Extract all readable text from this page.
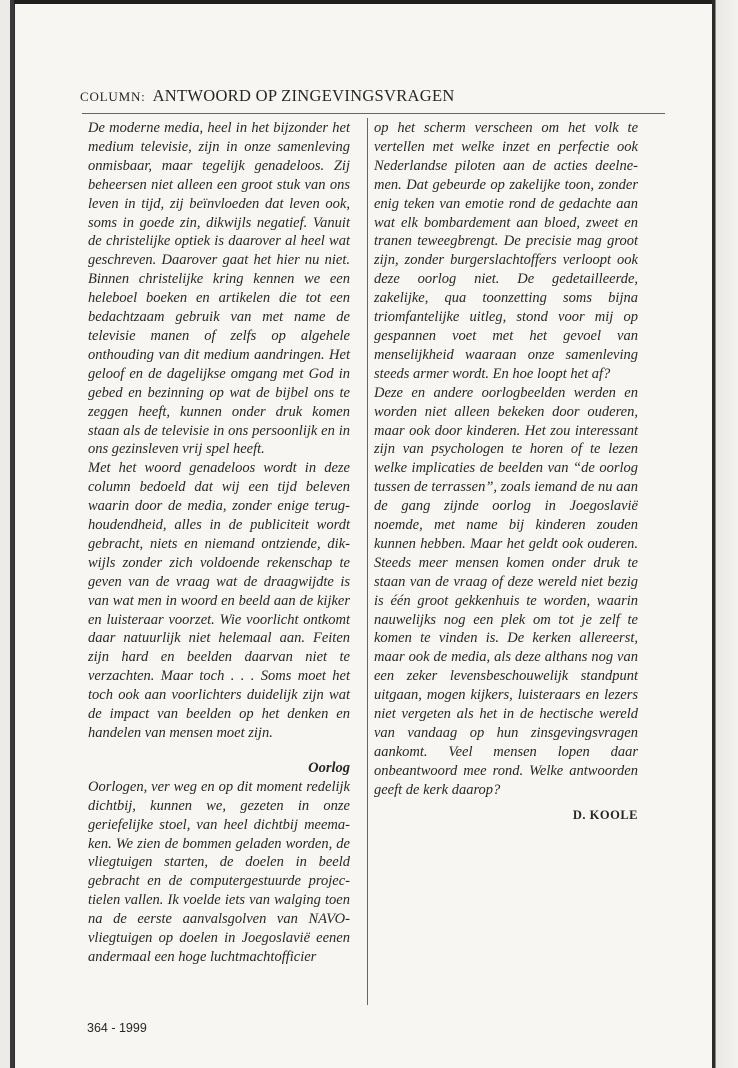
COLUMN: ANTWOORD OP ZINGEVINGSVRAGEN

De moderne media, heel in het bijzonder het medium televisie, zijn in onze samenleving onmisbaar, maar tegelijk genadeloos. Zij beheersen niet alleen een groot stuk van ons leven in tijd, zij beïnvloeden dat leven ook, soms in goede zin, dikwijls negatief. Vanuit de christelijke optiek is daarover al heel wat geschreven. Daarover gaat het hier nu niet. Binnen christelijke kring kennen we een heleboel boeken en artikelen die tot een bedachtzaam gebruik van met name de televisie manen of zelfs op algehele onthouding van dit medium aandringen. Het geloof en de dagelijkse omgang met God in gebed en bezinning op wat de bijbel ons te zeggen heeft, kunnen onder druk komen staan als de televisie in ons persoonlijk en in ons gezinsleven vrij spel heeft.

Met het woord genadeloos wordt in deze column bedoeld dat wij een tijd beleven waarin door de media, zonder enige terughoudendheid, alles in de publiciteit wordt gebracht, niets en niemand ontziende, dikwijls zonder zich voldoende rekenschap te geven van de vraag wat de draagwijdte is van wat men in woord en beeld aan de kijker en luisteraar voorzet. Wie voorlicht ontkomt daar natuurlijk niet helemaal aan. Feiten zijn hard en beelden daarvan niet te verzachten. Maar toch . . . Soms moet het toch ook aan voorlichters duidelijk zijn wat de impact van beelden op het denken en handelen van mensen moet zijn.

Oorlog

Oorlogen, ver weg en op dit moment redelijk dichtbij, kunnen we, gezeten in onze geriefelijke stoel, van heel dichtbij meemaken. We zien de bommen geladen worden, de vliegtuigen starten, de doelen in beeld gebracht en de computergestuurde projectielen vallen. Ik voelde iets van walging toen na de eerste aanvalsgolven van NAVO-vliegtuigen op doelen in Joegoslavië eenen andermaal een hoge luchtmachtofficier

op het scherm verscheen om het volk te vertellen met welke inzet en perfectie ook Nederlandse piloten aan de acties deelnemen. Dat gebeurde op zakelijke toon, zonder enig teken van emotie rond de gedachte aan wat elk bombardement aan bloed, zweet en tranen teweegbrengt. De precisie mag groot zijn, zonder burgerslachtoffers verloopt ook deze oorlog niet. De gedetailleerde, zakelijke, qua toonzetting soms bijna triomfantelijke uitleg, stond voor mij op gespannen voet met het gevoel van menselijkheid waaraan onze samenleving steeds armer wordt. En hoe loopt het af?

Deze en andere oorlogbeelden werden en worden niet alleen bekeken door ouderen, maar ook door kinderen. Het zou interessant zijn van psychologen te horen of te lezen welke implicaties de beelden van “de oorlog tussen de terrassen”, zoals iemand de nu aan de gang zijnde oorlog in Joegoslavië noemde, met name bij kinderen zouden kunnen hebben. Maar het geldt ook ouderen. Steeds meer mensen komen onder druk te staan van de vraag of deze wereld niet bezig is één groot gekkenhuis te worden, waarin nauwelijks nog een plek om tot je zelf te komen te vinden is. De kerken allereerst, maar ook de media, als deze althans nog van een zeker levensbeschouwelijk standpunt uitgaan, mogen kijkers, luisteraars en lezers niet vergeten als het in de hectische wereld van vandaag op hun zinsgevingsvragen aankomt. Veel mensen lopen daar onbeantwoord mee rond. Welke antwoorden geeft de kerk daarop?

D. KOOLE

364 - 1999
